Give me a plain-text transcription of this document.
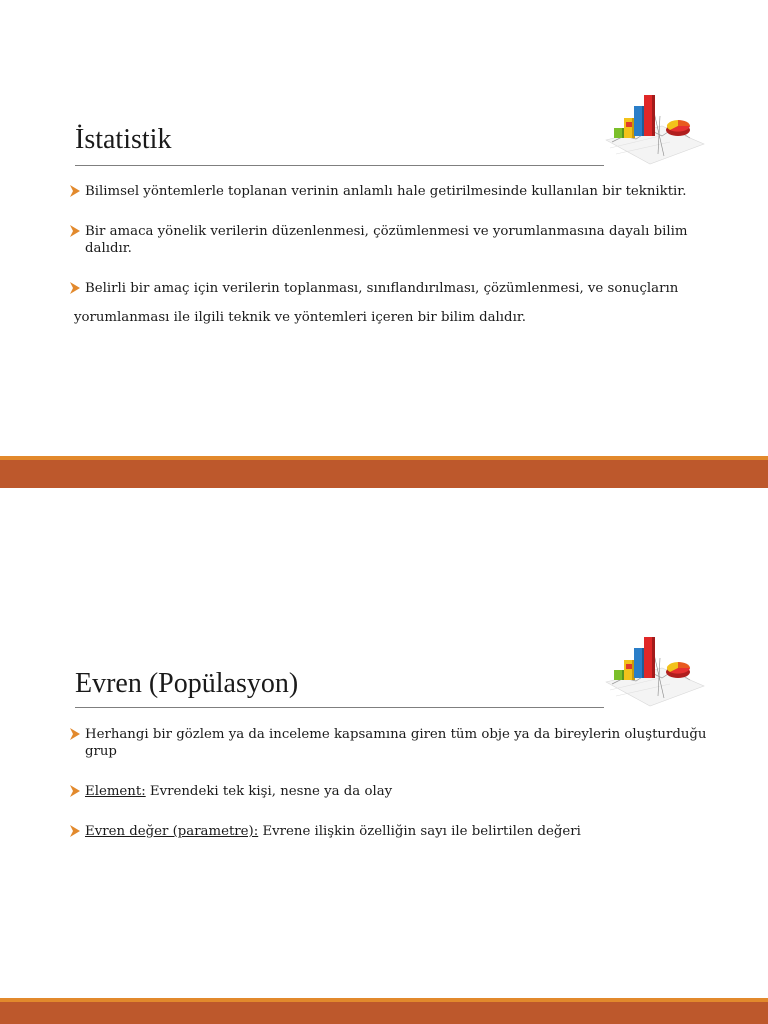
İstatistik
Bilimsel yöntemlerle toplanan verinin anlamlı hale getirilmesinde kullanılan bir tekniktir.
Bir amaca yönelik verilerin düzenlenmesi, çözümlenmesi ve yorumlanmasına dayalı bilim dalıdır.
Belirli bir amaç için verilerin toplanması, sınıflandırılması, çözümlenmesi, ve sonuçların
yorumlanması ile ilgili teknik ve yöntemleri içeren bir bilim dalıdır.
Evren (Popülasyon)
Herhangi bir gözlem ya da inceleme kapsamına giren tüm obje ya da bireylerin oluşturduğu grup
Element: Evrendeki tek kişi, nesne ya da olay
Evren değer (parametre): Evrene ilişkin özelliğin sayı ile belirtilen değeri
